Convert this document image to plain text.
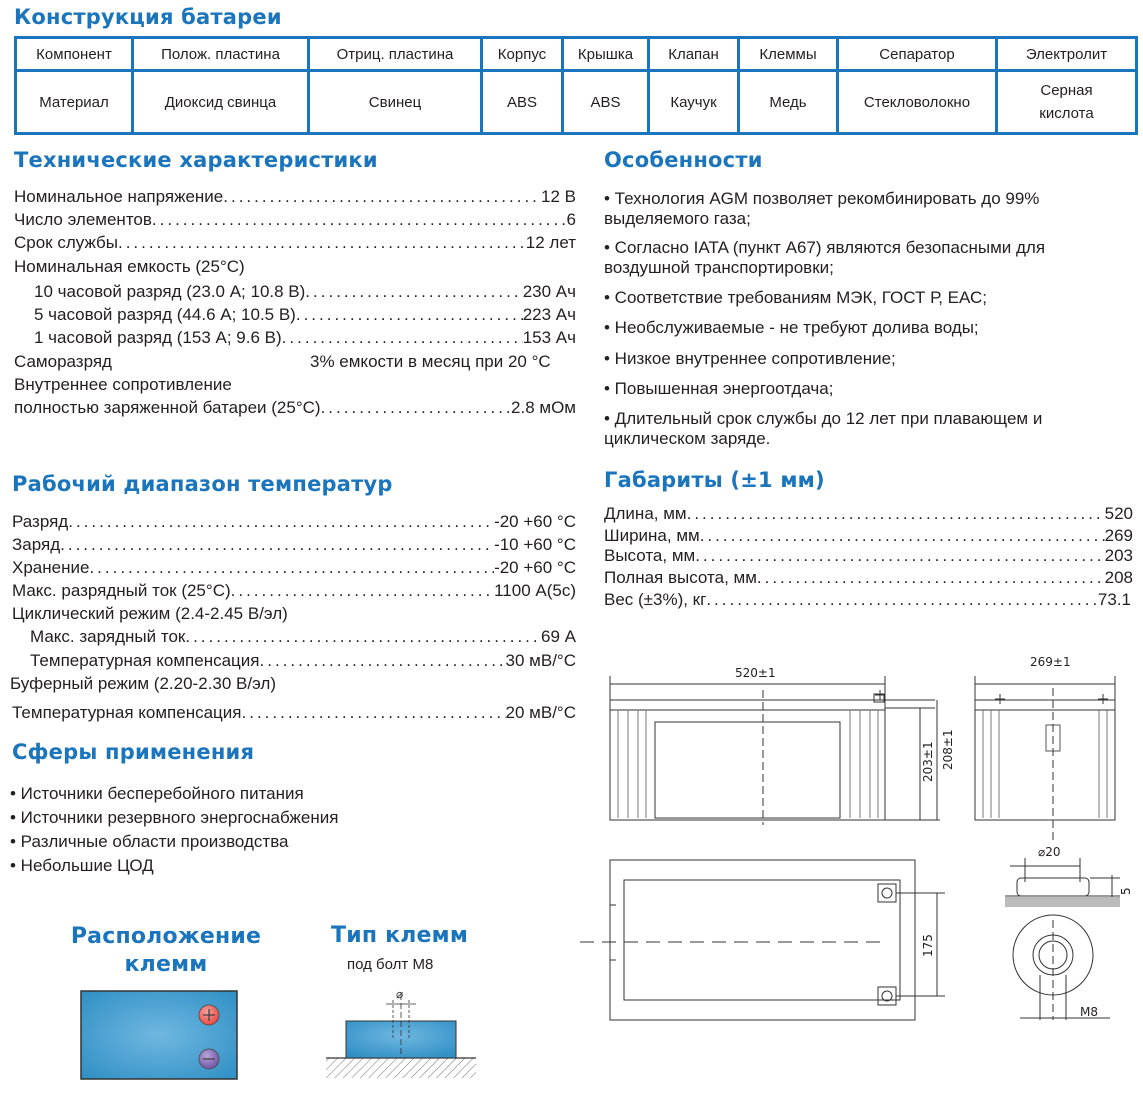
Конструкция батареи
Компонент	Полож. пластина	Отриц. пластина	Корпус	Крышка	Клапан	Клеммы	Сепаратор	Электролит
Материал	Диоксид свинца	Свинец	ABS	ABS	Каучук	Медь	Стекловолокно	Серная кислота
Технические характеристики
Номинальное напряжение .....	12 В
Число элементов .....	6
Срок службы .....	12 лет
Номинальная емкость (25°C)
10 часовой разряд (23.0 А; 10.8 В) .....	230 Ач
5 часовой разряд (44.6 А; 10.5 В) .....	223 Ач
1 часовой разряд (153 А; 9.6 В) .....	153 Ач
Саморазряд	3% емкости в месяц при 20 °C
Внутреннее сопротивление
полностью заряженной батареи (25°C) .....	2.8 мОм
Рабочий диапазон температур
Разряд .....	-20 +60 °C
Заряд .....	-10 +60 °C
Хранение .....	-20 +60 °C
Макс. разрядный ток (25°C) .....	1100 А(5с)
Циклический режим (2.4-2.45 В/эл)
Макс. зарядный ток .....	69 А
Температурная компенсация .....	30 мВ/°C
Буферный режим (2.20-2.30 В/эл)
Температурная компенсация .....	20 мВ/°C
Сферы применения
• Источники бесперебойного питания
• Источники резервного энергоснабжения
• Различные области производства
• Небольшие ЦОД
Особенности
• Технология AGM позволяет рекомбинировать до 99% выделяемого газа;
• Согласно IATA (пункт А67) являются безопасными для воздушной транспортировки;
• Соответствие требованиям МЭК, ГОСТ Р, ЕАС;
• Необслуживаемые - не требуют долива воды;
• Низкое внутреннее сопротивление;
• Повышенная энергоотдача;
• Длительный срок службы до 12 лет при плавающем и циклическом заряде.
Габариты (±1 мм)
Длина, мм .....	520
Ширина, мм .....	269
Высота, мм .....	203
Полная высота, мм .....	208
Вес (±3%), кг .....	73.1
Расположение
клемм
Тип клемм
под болт М8
⌀
520±1
269±1
203±1 208±1
⌀20
5
175
M8
